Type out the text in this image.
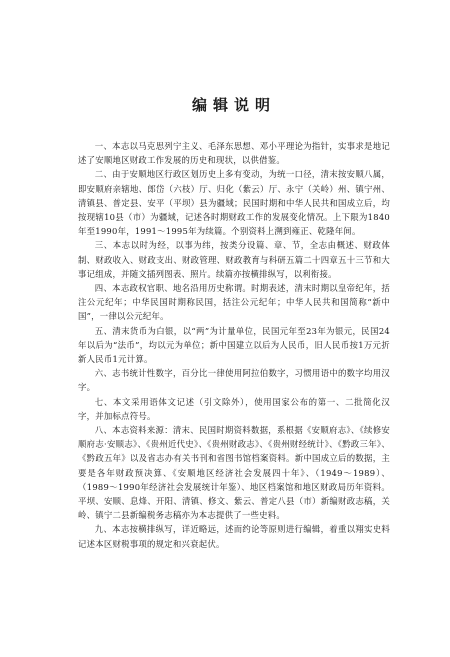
编辑说明

一、本志以马克思列宁主义、毛泽东思想、邓小平理论为指针，实事求是地记述了安顺地区财政工作发展的历史和现状，以供借鉴。

二、由于安顺地区行政区划历史上多有变动，为统一口径，清末按安顺八属，即安顺府亲辖地、郎岱（六枝）厅、归化（紫云）厅、永宁（关岭）州、镇宁州、清镇县、普定县、安平（平坝）县为疆域；民国时期和中华人民共和国成立后，均按现辖10县（市）为疆域，记述各时期财政工作的发展变化情况。上下限为1840年至1990年，1991～1995年为续篇。个别资料上溯到雍正、乾隆年间。

三、本志以时为经，以事为纬，按类分设篇、章、节，全志由概述、财政体制、财政收入、财政支出、财政管理、财政教育与科研五篇二十四章五十三节和大事记组成，并随文插列图表、照片。续篇亦按横排纵写，以利衔接。

四、本志政权官职、地名沿用历史称谓。时期表述，清末时期以皇帝纪年，括注公元纪年；中华民国时期称民国，括注公元纪年；中华人民共和国简称“新中国”，一律以公元纪年。

五、清末货币为白银，以“两”为计量单位，民国元年至23年为银元，民国24年以后为“法币”，均以元为单位；新中国建立以后为人民币，旧人民币按1万元折新人民币1元计算。

六、志书统计性数字，百分比一律使用阿拉伯数字，习惯用语中的数字均用汉字。

七、本文采用语体文记述（引文除外），使用国家公布的第一、二批简化汉字，并加标点符号。

八、本志资料来源：清末、民国时期资料数据，系根据《安顺府志》、《续修安顺府志·安顺志》、《贵州近代史》、《贵州财政志》、《贵州财经统计》、《黔政三年》、《黔政五年》以及省志办有关书刊和省图书馆档案资料。新中国成立后的数据，主要是各年财政预决算、《安顺地区经济社会发展四十年》、（1949～1989）、（1989～1990年经济社会发展统计年鉴）、地区档案馆和地区财政局历年资料。平坝、安顺、息烽、开阳、清镇、修文、紫云、普定八县（市）新编财政志稿，关岭、镇宁二县新编税务志稿亦为本志提供了一些史料。

九、本志按横排纵写，详近略远，述而约论等原则进行编辑，着重以翔实史料记述本区财税事项的规定和兴衰起伏。
